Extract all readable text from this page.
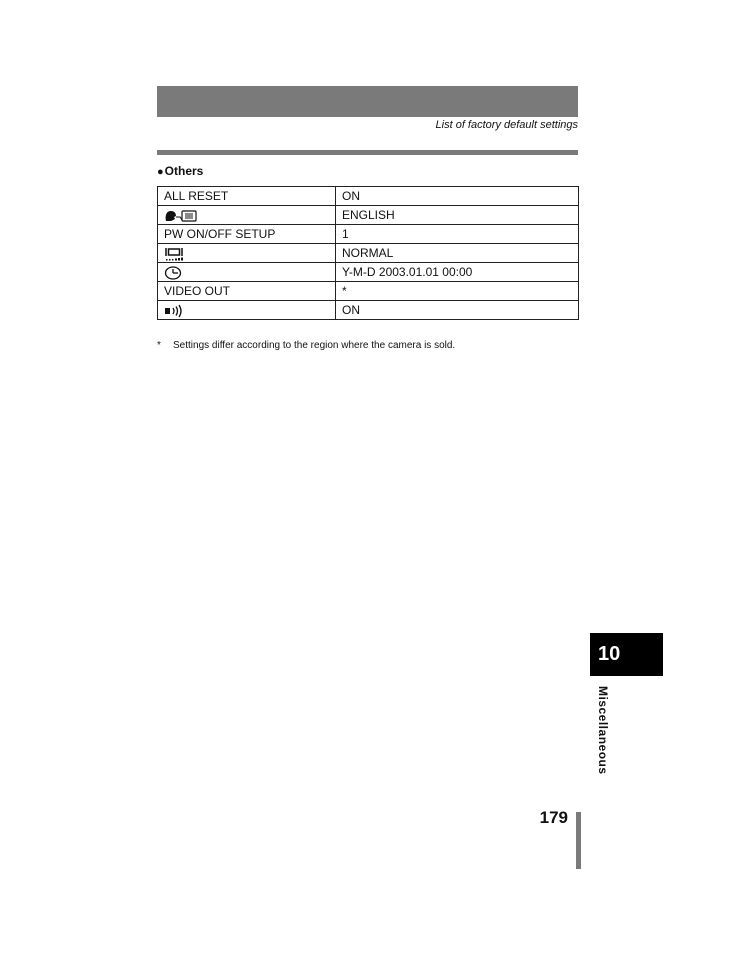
List of factory default settings
●Others
ALL RESET	ON
	ENGLISH
PW ON/OFF SETUP	1
	NORMAL
	Y-M-D 2003.01.01 00:00
VIDEO OUT	*
	ON
* Settings differ according to the region where the camera is sold.
10
Miscellaneous
179
